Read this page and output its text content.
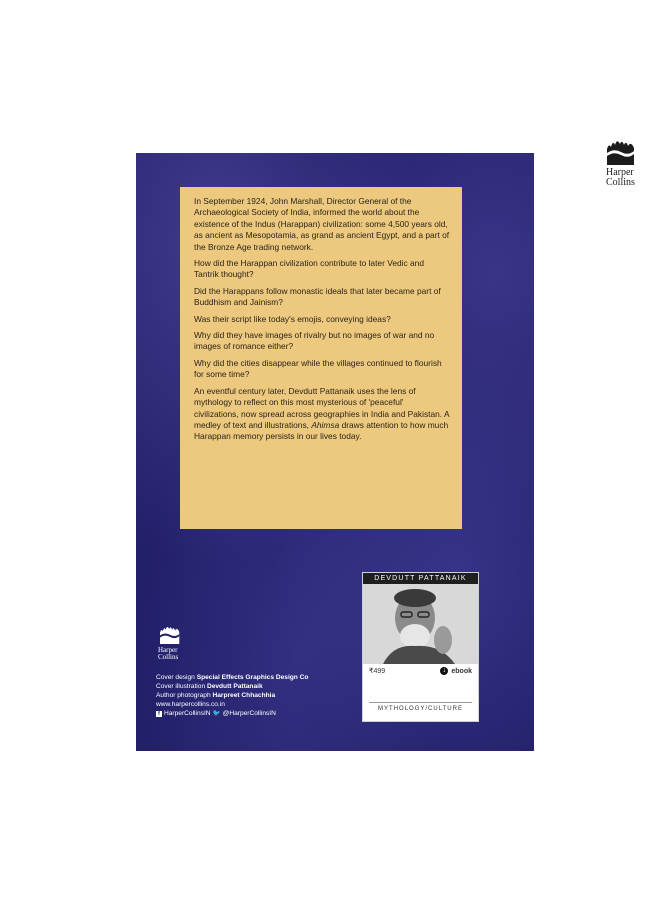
Harper
Collins

In September 1924, John Marshall, Director General of the Archaeological Society of India, informed the world about the existence of the Indus (Harappan) civilization: some 4,500 years old, as ancient as Mesopotamia, as grand as ancient Egypt, and a part of the Bronze Age trading network.

How did the Harappan civilization contribute to later Vedic and Tantrik thought?

Did the Harappans follow monastic ideals that later became part of Buddhism and Jainism?

Was their script like today's emojis, conveying ideas?

Why did they have images of rivalry but no images of war and no images of romance either?

Why did the cities disappear while the villages continued to flourish for some time?

An eventful century later, Devdutt Pattanaik uses the lens of mythology to reflect on this most mysterious of 'peaceful' civilizations, now spread across geographies in India and Pakistan. A medley of text and illustrations, Ahimsa draws attention to how much Harappan memory persists in our lives today.

DEVDUTT PATTANAIK
₹499	↓ ebook
MYTHOLOGY/CULTURE
Harper
Collins
Cover design Special Effects Graphics Design Co
Cover illustration Devdutt Pattanaik
Author photograph Harpreet Chhachhia
www.harpercollins.co.in
f HarperCollinsIN 🐦 @HarperCollinsIN
